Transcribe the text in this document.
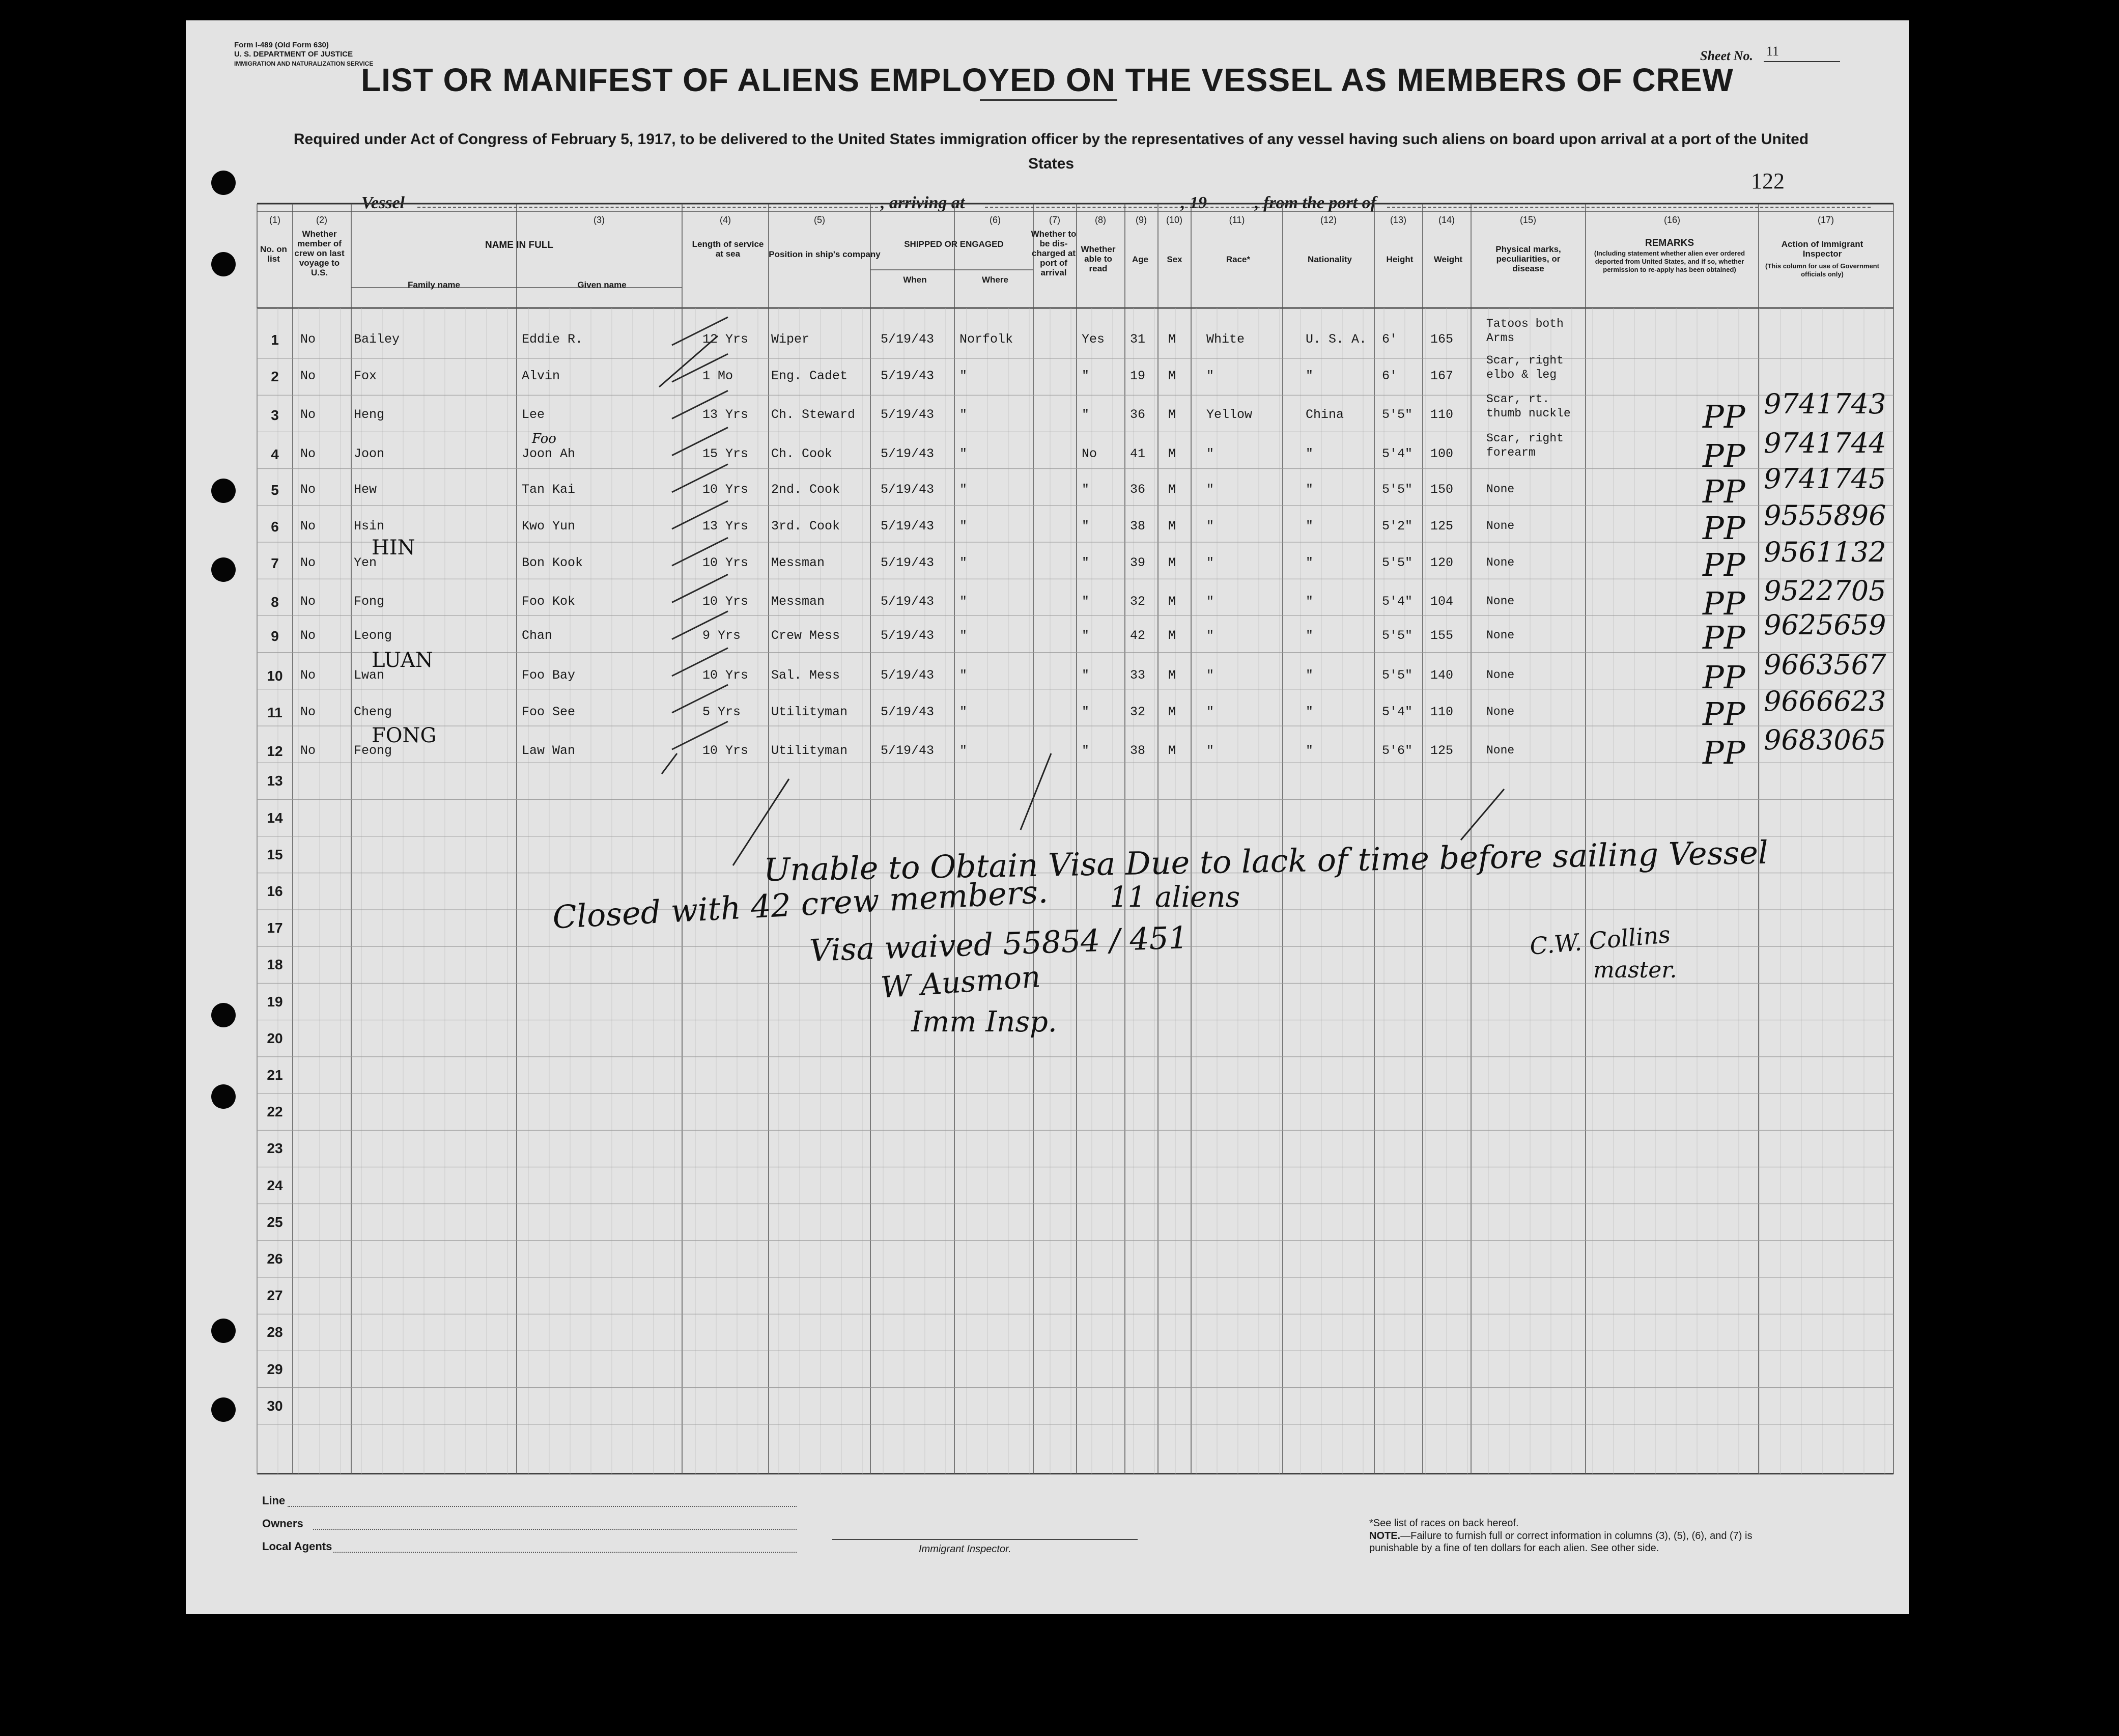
Form I-489 (Old Form 630)
U. S. DEPARTMENT OF JUSTICE
IMMIGRATION AND NATURALIZATION SERVICE
Sheet No. 11
LIST OR MANIFEST OF ALIENS EMPLOYED ON THE VESSEL AS MEMBERS OF CREW
Required under Act of Congress of February 5, 1917, to be delivered to the United States immigration officer by the representatives of any vessel having such aliens on board upon arrival at a port of the United States
122
Vessel	, arriving at	, 19	, from the port of
(1)	(2)	(3)	(4)	(5)	(6)	(7)	(8)	(9)	(10)	(11)	(12)	(13)	(14)	(15)	(16)	(17)
No. on list
Whether member of crew on last voyage to U.S.
NAME IN FULL
Family name	Given name
Length of service at sea	Position in ship's company
SHIPPED OR ENGAGED
When	Where
Whether to be dis-charged at port of arrival
Whether able to read
Age	Sex	Race*	Nationality	Height	Weight
Physical marks, peculiarities, or disease
REMARKS
(Including statement whether alien ever ordered deported from United States, and if so, whether permission to re-apply has been obtained)
Action of Immigrant Inspector
(This column for use of Government officials only)
1	No	Bailey	Eddie R.	12 Yrs Wiper	5/19/43 Norfolk	Yes 31 M White	U. S. A. 6'	165
Tatoos both Arms
2	No	Fox	Alvin	1 Mo	Eng. Cadet	5/19/43 "	"	19 M "	"	6'	167
Scar, right elbo & leg
3	No	Heng	Lee	13 Yrs Ch. Steward 5/19/43 "	"	36 M Yellow	China	5'5" 110
Scar, rt. thumb nuckle	PP 9741743
4	No	Joon	Joon Ah
Foo
15 Yrs Ch. Cook	5/19/43 "	No	41 M "	"	5'4" 100
Scar, right forearm	PP 9741744
5	No	Hew	Tan Kai	10 Yrs 2nd. Cook	5/19/43 "	"	36 M "	"	5'5" 150	None	PP 9741745
6	No	Hsin	Kwo Yun	13 Yrs 3rd. Cook	5/19/43 "	"	38 M "	"	5'2" 125	None	PP 9555896
7	No	Yen
HIN
Bon Kook	10 Yrs Messman	5/19/43 "	"	39 M "	"	5'5" 120	None	PP 9561132
8	No	Fong	Foo Kok	10 Yrs Messman	5/19/43 "	"	32 M "	"	5'4" 104	None	PP 9522705
9	No	Leong	Chan	9 Yrs Crew Mess	5/19/43 "	"	42 M "	"	5'5" 155	None	PP 9625659
10	No	Lwan
LUAN
Foo Bay	10 Yrs Sal. Mess	5/19/43 "	"	33 M "	"	5'5" 140	None	PP 9663567
11	No	Cheng	Foo See	5 Yrs Utilityman	5/19/43 "	"	32 M "	"	5'4" 110	None	PP 9666623
12	No	Feong
FONG
Law Wan	10 Yrs Utilityman	5/19/43 "	"	38 M "	"	5'6" 125	None	PP 9683065
13
14
15
16
17
18
19
20
21
22
23
24
25
26
27
28
29
30
Unable to Obtain Visa Due to lack of time before sailing Vessel
Closed with 42 crew members. 11 aliens
Visa waived 55854 / 451
W Ausmon
Imm Insp.
C.W. Collins
master.
Line
Owners
Local Agents	Immigrant Inspector.
*See list of races on back hereof.
NOTE.—Failure to furnish full or correct information in columns (3), (5), (6), and (7) is punishable by a fine of ten dollars for each alien. See other side.
